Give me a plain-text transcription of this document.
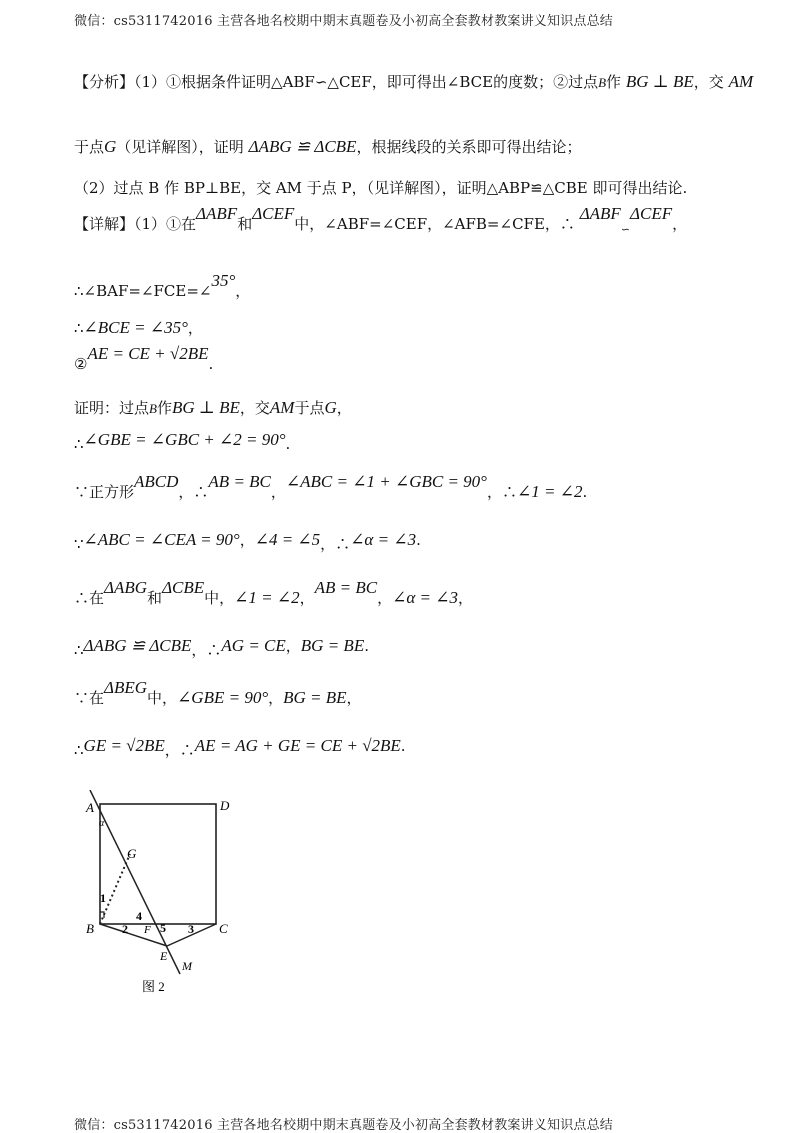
微信：cs5311742016 主营各地名校期中期末真题卷及小初高全套教材教案讲义知识点总结
【分析】（1）①根据条件证明△ABF∽△CEF，即可得出∠BCE的度数；②过点B作 BG ⊥ BE，交 AM
于点G（见详解图），证明 ΔABG ≌ ΔCBE，根据线段的关系即可得出结论；
（2）过点 B 作 BP⊥BE，交 AM 于点 P，（见详解图），证明△ABP≌△CBE 即可得出结论.
【详解】（1）①在ΔABF和ΔCEF中，∠ABF=∠CEF，∠AFB=∠CFE，∴ $\Delta ABF_∽\Delta CEF$，
∴∠BAF=∠FCE=∠35°，
∴∠BCE = ∠35°，
②AE = CE + √2BE.
证明：过点B作BG ⊥ BE，交AM于点G，
∴∠GBE = ∠GBC + ∠2 = 90°.
∵正方形ABCD，∴AB = BC，∠ABC = ∠1 + ∠GBC = 90°，∴∠1 = ∠2.
∵∠ABC = ∠CEA = 90°，∠4 = ∠5，∴∠α = ∠3.
∴在ΔABG和ΔCBE中，∠1 = ∠2，AB = BC，∠α = ∠3，
∴ΔABG ≌ ΔCBE，∴AG = CE，BG = BE.
∵在ΔBEG中，∠GBE = 90°，BG = BE，
∴GE = √2BE，∴AE = AG + GE = CE + √2BE.
A	D
G
B	C
F
E
M
α
1
2	3
4
5
图 2
微信：cs5311742016 主营各地名校期中期末真题卷及小初高全套教材教案讲义知识点总结
